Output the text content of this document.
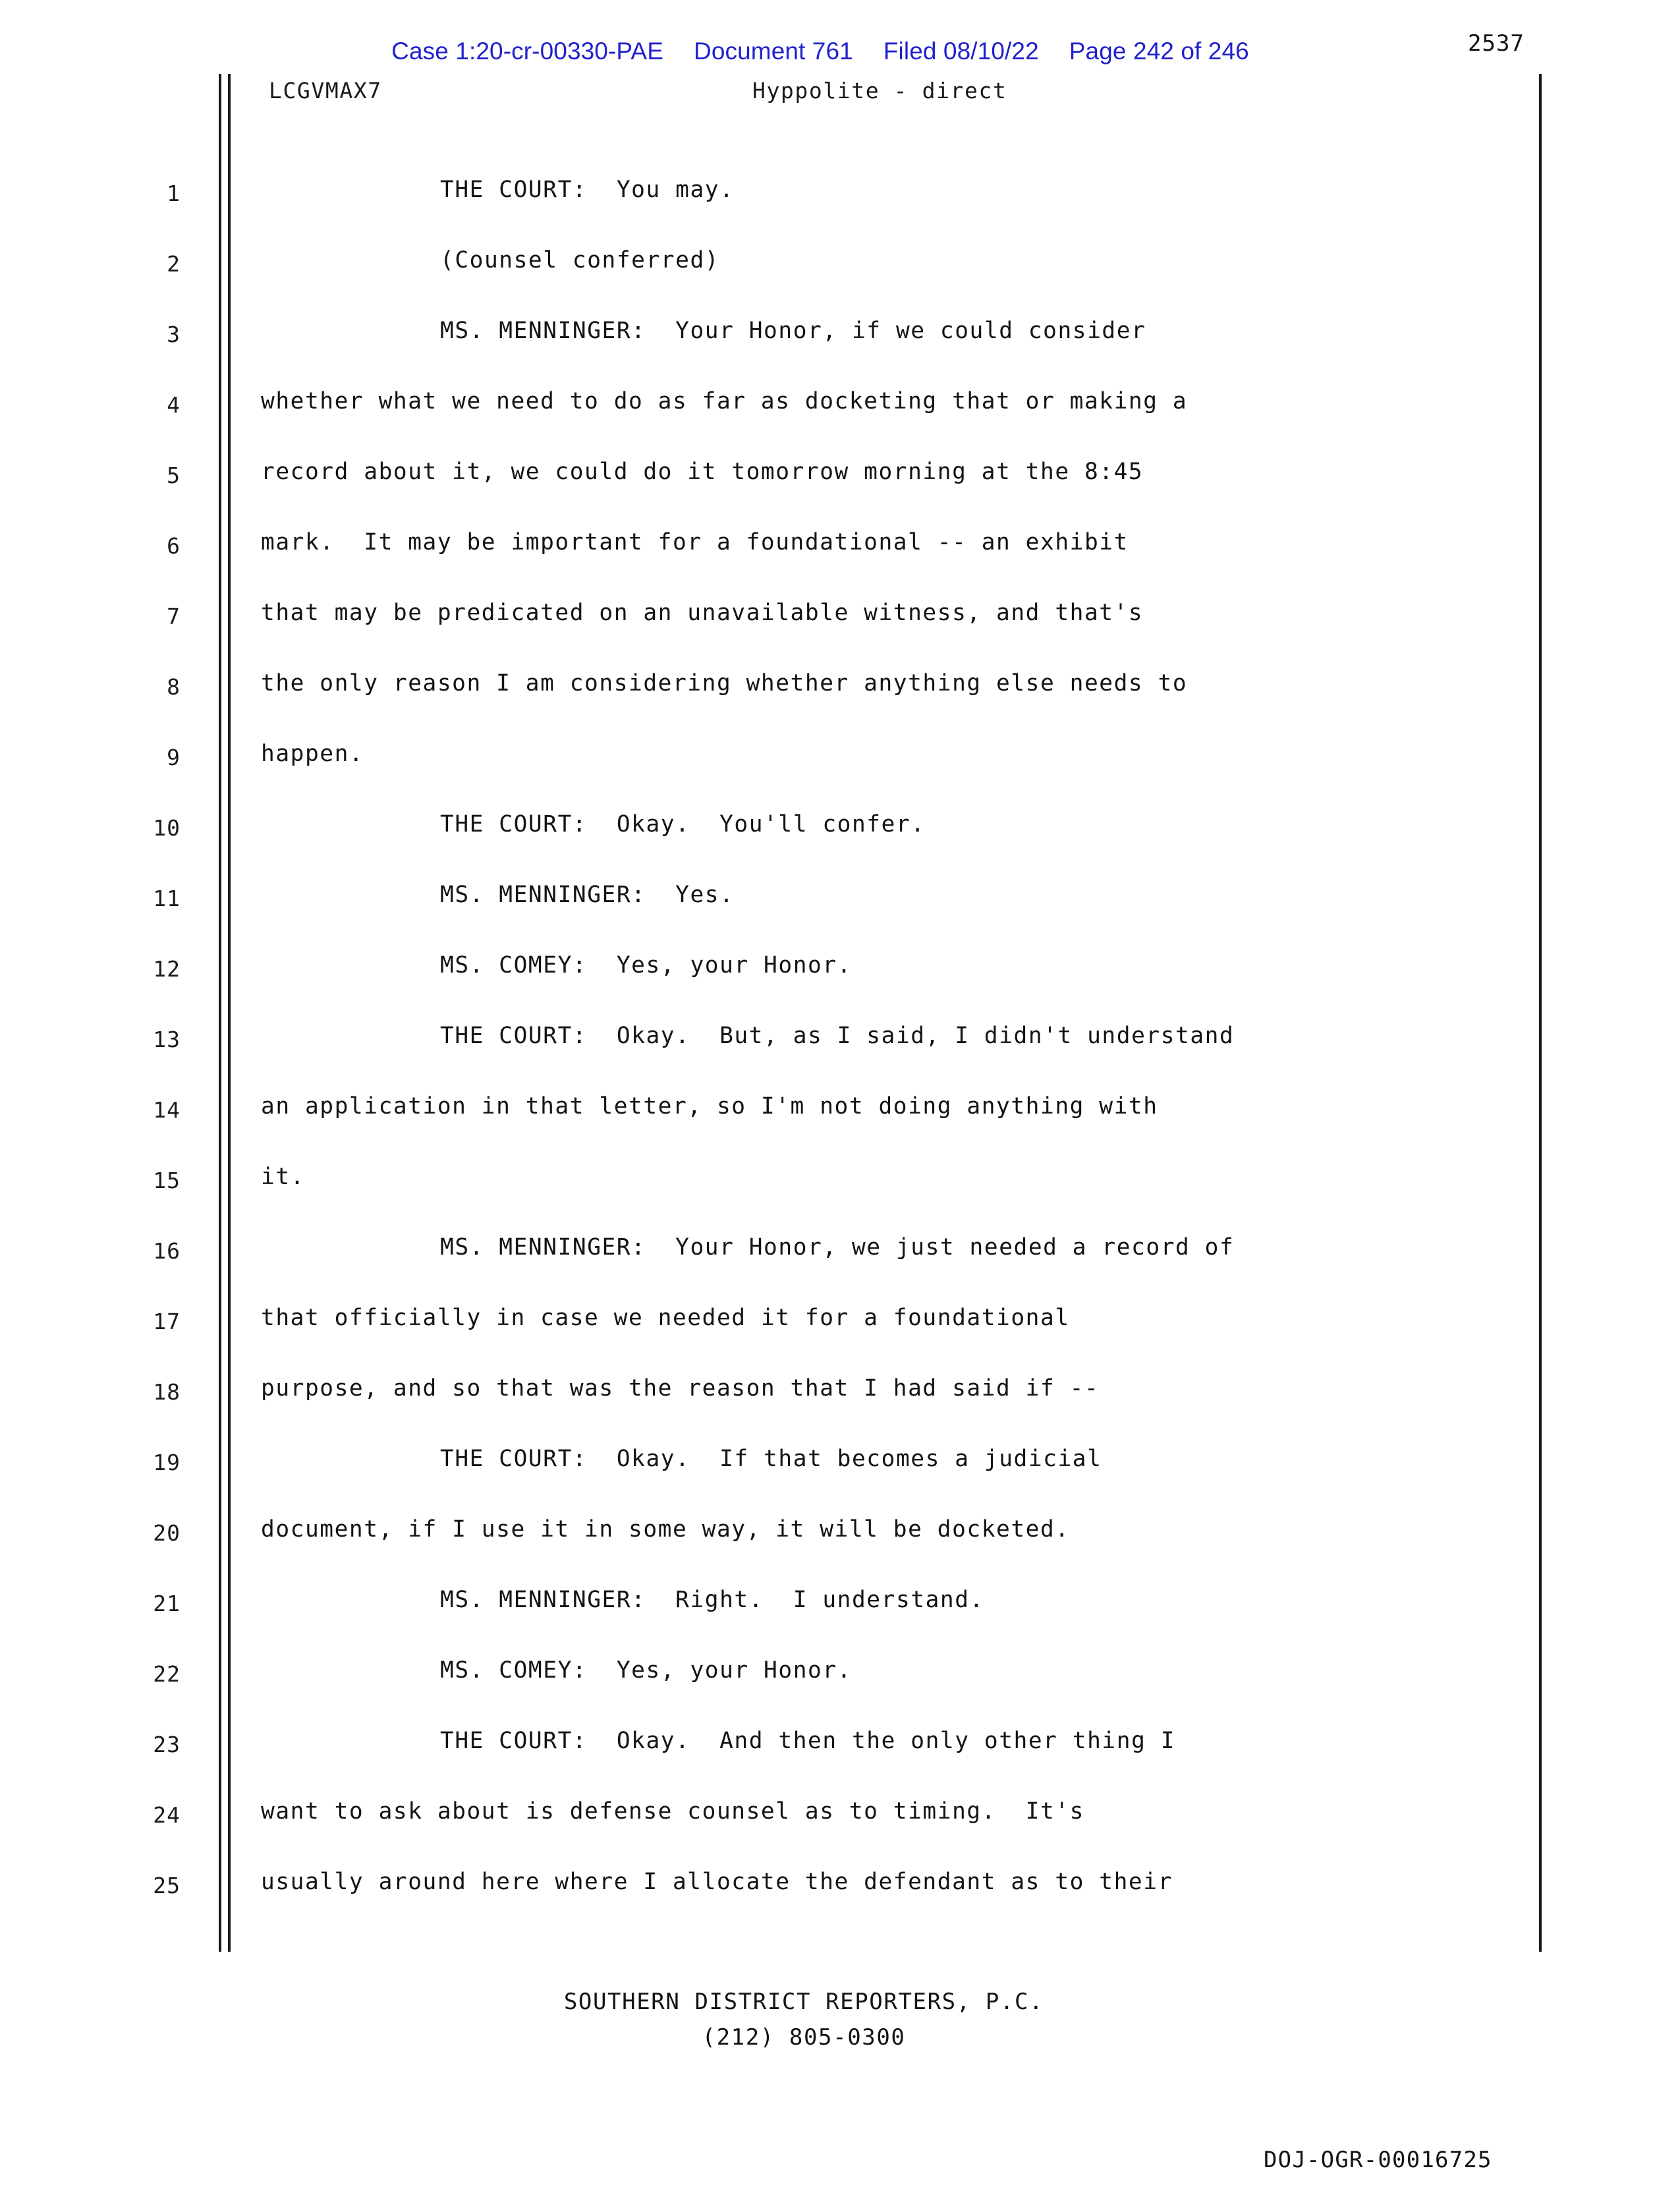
Case 1:20-cr-00330-PAE Document 761 Filed 08/10/22 Page 242 of 246	2537
LCGVMAX7	Hyppolite - direct
1	THE COURT:  You may.
2	(Counsel conferred)
3	MS. MENNINGER:  Your Honor, if we could consider
4	whether what we need to do as far as docketing that or making a
5	record about it, we could do it tomorrow morning at the 8:45
6	mark.  It may be important for a foundational -- an exhibit
7	that may be predicated on an unavailable witness, and that's
8	the only reason I am considering whether anything else needs to
9	happen.
10	THE COURT:  Okay.  You'll confer.
11	MS. MENNINGER:  Yes.
12	MS. COMEY:  Yes, your Honor.
13	THE COURT:  Okay.  But, as I said, I didn't understand
14	an application in that letter, so I'm not doing anything with
15	it.
16	MS. MENNINGER:  Your Honor, we just needed a record of
17	that officially in case we needed it for a foundational
18	purpose, and so that was the reason that I had said if --
19	THE COURT:  Okay.  If that becomes a judicial
20	document, if I use it in some way, it will be docketed.
21	MS. MENNINGER:  Right.  I understand.
22	MS. COMEY:  Yes, your Honor.
23	THE COURT:  Okay.  And then the only other thing I
24	want to ask about is defense counsel as to timing.  It's
25	usually around here where I allocate the defendant as to their
SOUTHERN DISTRICT REPORTERS, P.C.
(212) 805-0300
DOJ-OGR-00016725
